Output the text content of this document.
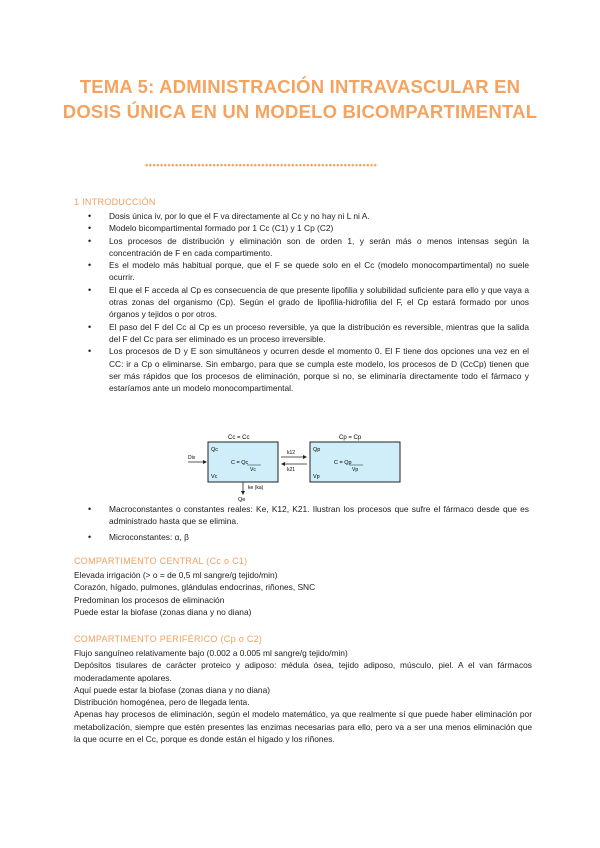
TEMA 5: ADMINISTRACIÓN INTRAVASCULAR EN DOSIS ÚNICA EN UN MODELO BICOMPARTIMENTAL
••••••••••••••••••••••••••••••••••••••••••••••••••••••••••••••
1 INTRODUCCIÓN
• Dosis única iv, por lo que el F va directamente al Cc y no hay ni L ni A.
• Modelo bicompartimental formado por 1 Cc (C1) y 1 Cp (C2)
• Los procesos de distribución y eliminación son de orden 1, y serán más o menos intensas según la concentración de F en cada compartimento.
• Es el modelo más habitual porque, que el F se quede solo en el Cc (modelo monocompartimental) no suele ocurrir.
• El que el F acceda al Cp es consecuencia de que presente lipofilia y solubilidad suficiente para ello y que vaya a otras zonas del organismo (Cp). Según el grado de lipofilia-hidrofilia del F, el Cp estará formado por unos órganos y tejidos o por otros.
• El paso del F del Cc al Cp es un proceso reversible, ya que la distribución es reversible, mientras que la salida del F del Cc para ser eliminado es un proceso irreversible.
• Los procesos de D y E son simultáneos y ocurren desde el momento 0. El F tiene dos opciones una vez en el CC: ir a Cp o eliminarse. Sin embargo, para que se cumpla este modelo, los procesos de D (CcCp) tienen que ser más rápidos que los procesos de eliminación, porque si no, se eliminaría directamente todo el fármaco y estaríamos ante un modelo monocompartimental.
Cc = Cc
Qc
C = Qc
Vc
Vc
Div
k12
k21
Cp = Cp
Qp
C = Qp
Vp
Vp
ke (ka)
Qe
• Macroconstantes o constantes reales: Ke, K12, K21. Ilustran los procesos que sufre el fármaco desde que es administrado hasta que se elimina.
• Microconstantes: α, β
COMPARTIMENTO CENTRAL (Cc o C1)
Elevada irrigación (> o = de 0,5 ml sangre/g tejido/min)
Corazón, hígado, pulmones, glándulas endocrinas, riñones, SNC
Predominan los procesos de eliminación
Puede estar la biofase (zonas diana y no diana)
COMPARTIMENTO PERIFÉRICO (Cp o C2)
Flujo sanguíneo relativamente bajo (0.002 a 0.005 ml sangre/g tejido/min)
Depósitos tisulares de carácter proteico y adiposo: médula ósea, tejido adiposo, músculo, piel. A el van fármacos moderadamente apolares.
Aquí puede estar la biofase (zonas diana y no diana)
Distribución homogénea, pero de llegada lenta.
Apenas hay procesos de eliminación, según el modelo matemático, ya que realmente sí que puede haber eliminación por metabolización, siempre que estén presentes las enzimas necesarias para ello, pero va a ser una menos eliminación que la que ocurre en el Cc, porque es donde están el hígado y los riñones.
